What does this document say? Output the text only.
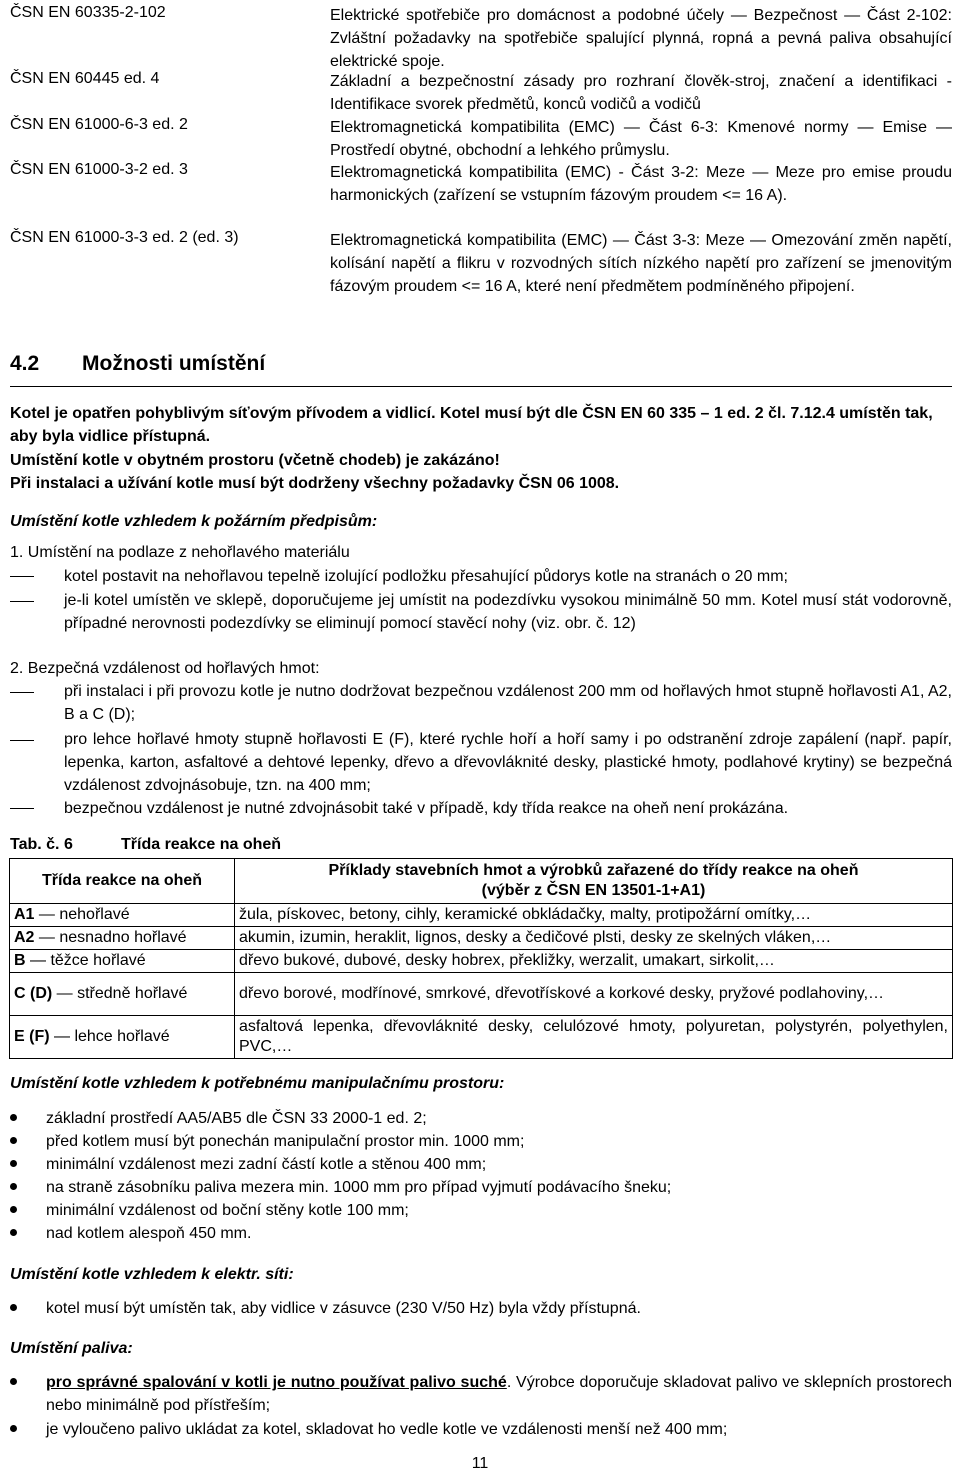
ČSN EN 60335-2-102	Elektrické spotřebiče pro domácnost a podobné účely — Bezpečnost — Část 2-102: Zvláštní požadavky na spotřebiče spalující plynná, ropná a pevná paliva obsahující elektrické spoje.
ČSN EN 60445 ed. 4	Základní a bezpečnostní zásady pro rozhraní člověk-stroj, značení a identifikaci - Identifikace svorek předmětů, konců vodičů a vodičů
ČSN EN 61000-6-3 ed. 2	Elektromagnetická kompatibilita (EMC) — Část 6-3: Kmenové normy — Emise — Prostředí obytné, obchodní a lehkého průmyslu.
ČSN EN 61000-3-2 ed. 3	Elektromagnetická kompatibilita (EMC) - Část 3-2: Meze — Meze pro emise proudu harmonických (zařízení se vstupním fázovým proudem <= 16 A).
ČSN EN 61000-3-3 ed. 2 (ed. 3)	Elektromagnetická kompatibilita (EMC) — Část 3-3: Meze — Omezování změn napětí, kolísání napětí a flikru v rozvodných sítích nízkého napětí pro zařízení se jmenovitým fázovým proudem <= 16 A, které není předmětem podmíněného připojení.
4.2 Možnosti umístění
Kotel je opatřen pohyblivým síťovým přívodem a vidlicí. Kotel musí být dle ČSN EN 60 335 – 1 ed. 2 čl. 7.12.4 umístěn tak, aby byla vidlice přístupná.
Umístění kotle v obytném prostoru (včetně chodeb) je zakázáno!
Při instalaci a užívání kotle musí být dodrženy všechny požadavky ČSN 06 1008.
Umístění kotle vzhledem k požárním předpisům:
1. Umístění na podlaze z nehořlavého materiálu
kotel postavit na nehořlavou tepelně izolující podložku přesahující půdorys kotle na stranách o 20 mm;
je-li kotel umístěn ve sklepě, doporučujeme jej umístit na podezdívku vysokou minimálně 50 mm. Kotel musí stát vodorovně, případné nerovnosti podezdívky se eliminují pomocí stavěcí nohy (viz. obr. č. 12)
2. Bezpečná vzdálenost od hořlavých hmot:
při instalaci i při provozu kotle je nutno dodržovat bezpečnou vzdálenost 200 mm od hořlavých hmot stupně hořlavosti A1, A2, B a C (D);
pro lehce hořlavé hmoty stupně hořlavosti E (F), které rychle hoří a hoří samy i po odstranění zdroje zapálení (např. papír, lepenka, karton, asfaltové a dehtové lepenky, dřevo a dřevovláknité desky, plastické hmoty, podlahové krytiny) se bezpečná vzdálenost zdvojnásobuje, tzn. na 400 mm;
bezpečnou vzdálenost je nutné zdvojnásobit také v případě, kdy třída reakce na oheň není prokázána.
Tab. č. 6	Třída reakce na oheň
Třída reakce na oheň	Příklady stavebních hmot a výrobků zařazené do třídy reakce na oheň
(výběr z ČSN EN 13501-1+A1)
A1 — nehořlavé	žula, pískovec, betony, cihly, keramické obkládačky, malty, protipožární omítky,…
A2 — nesnadno hořlavé	akumin, izumin, heraklit, lignos, desky a čedičové plsti, desky ze skelných vláken,…
B — těžce hořlavé	dřevo bukové, dubové, desky hobrex, překližky, werzalit, umakart, sirkolit,…
C (D) — středně hořlavé	dřevo borové, modřínové, smrkové, dřevotřískové a korkové desky, pryžové podlahoviny,…
E (F) — lehce hořlavé	asfaltová lepenka, dřevovláknité desky, celulózové hmoty, polyuretan, polystyrén, polyethylen, PVC,…
Umístění kotle vzhledem k potřebnému manipulačnímu prostoru:
základní prostředí AA5/AB5 dle ČSN 33 2000-1 ed. 2;
před kotlem musí být ponechán manipulační prostor min. 1000 mm;
minimální vzdálenost mezi zadní částí kotle a stěnou 400 mm;
na straně zásobníku paliva mezera min. 1000 mm pro případ vyjmutí podávacího šneku;
minimální vzdálenost od boční stěny kotle 100 mm;
nad kotlem alespoň 450 mm.
Umístění kotle vzhledem k elektr. síti:
kotel musí být umístěn tak, aby vidlice v zásuvce (230 V/50 Hz) byla vždy přístupná.
Umístění paliva:
pro správné spalování v kotli je nutno používat palivo suché. Výrobce doporučuje skladovat palivo ve sklepních prostorech nebo minimálně pod přístřeším;
je vyloučeno palivo ukládat za kotel, skladovat ho vedle kotle ve vzdálenosti menší než 400 mm;
11
